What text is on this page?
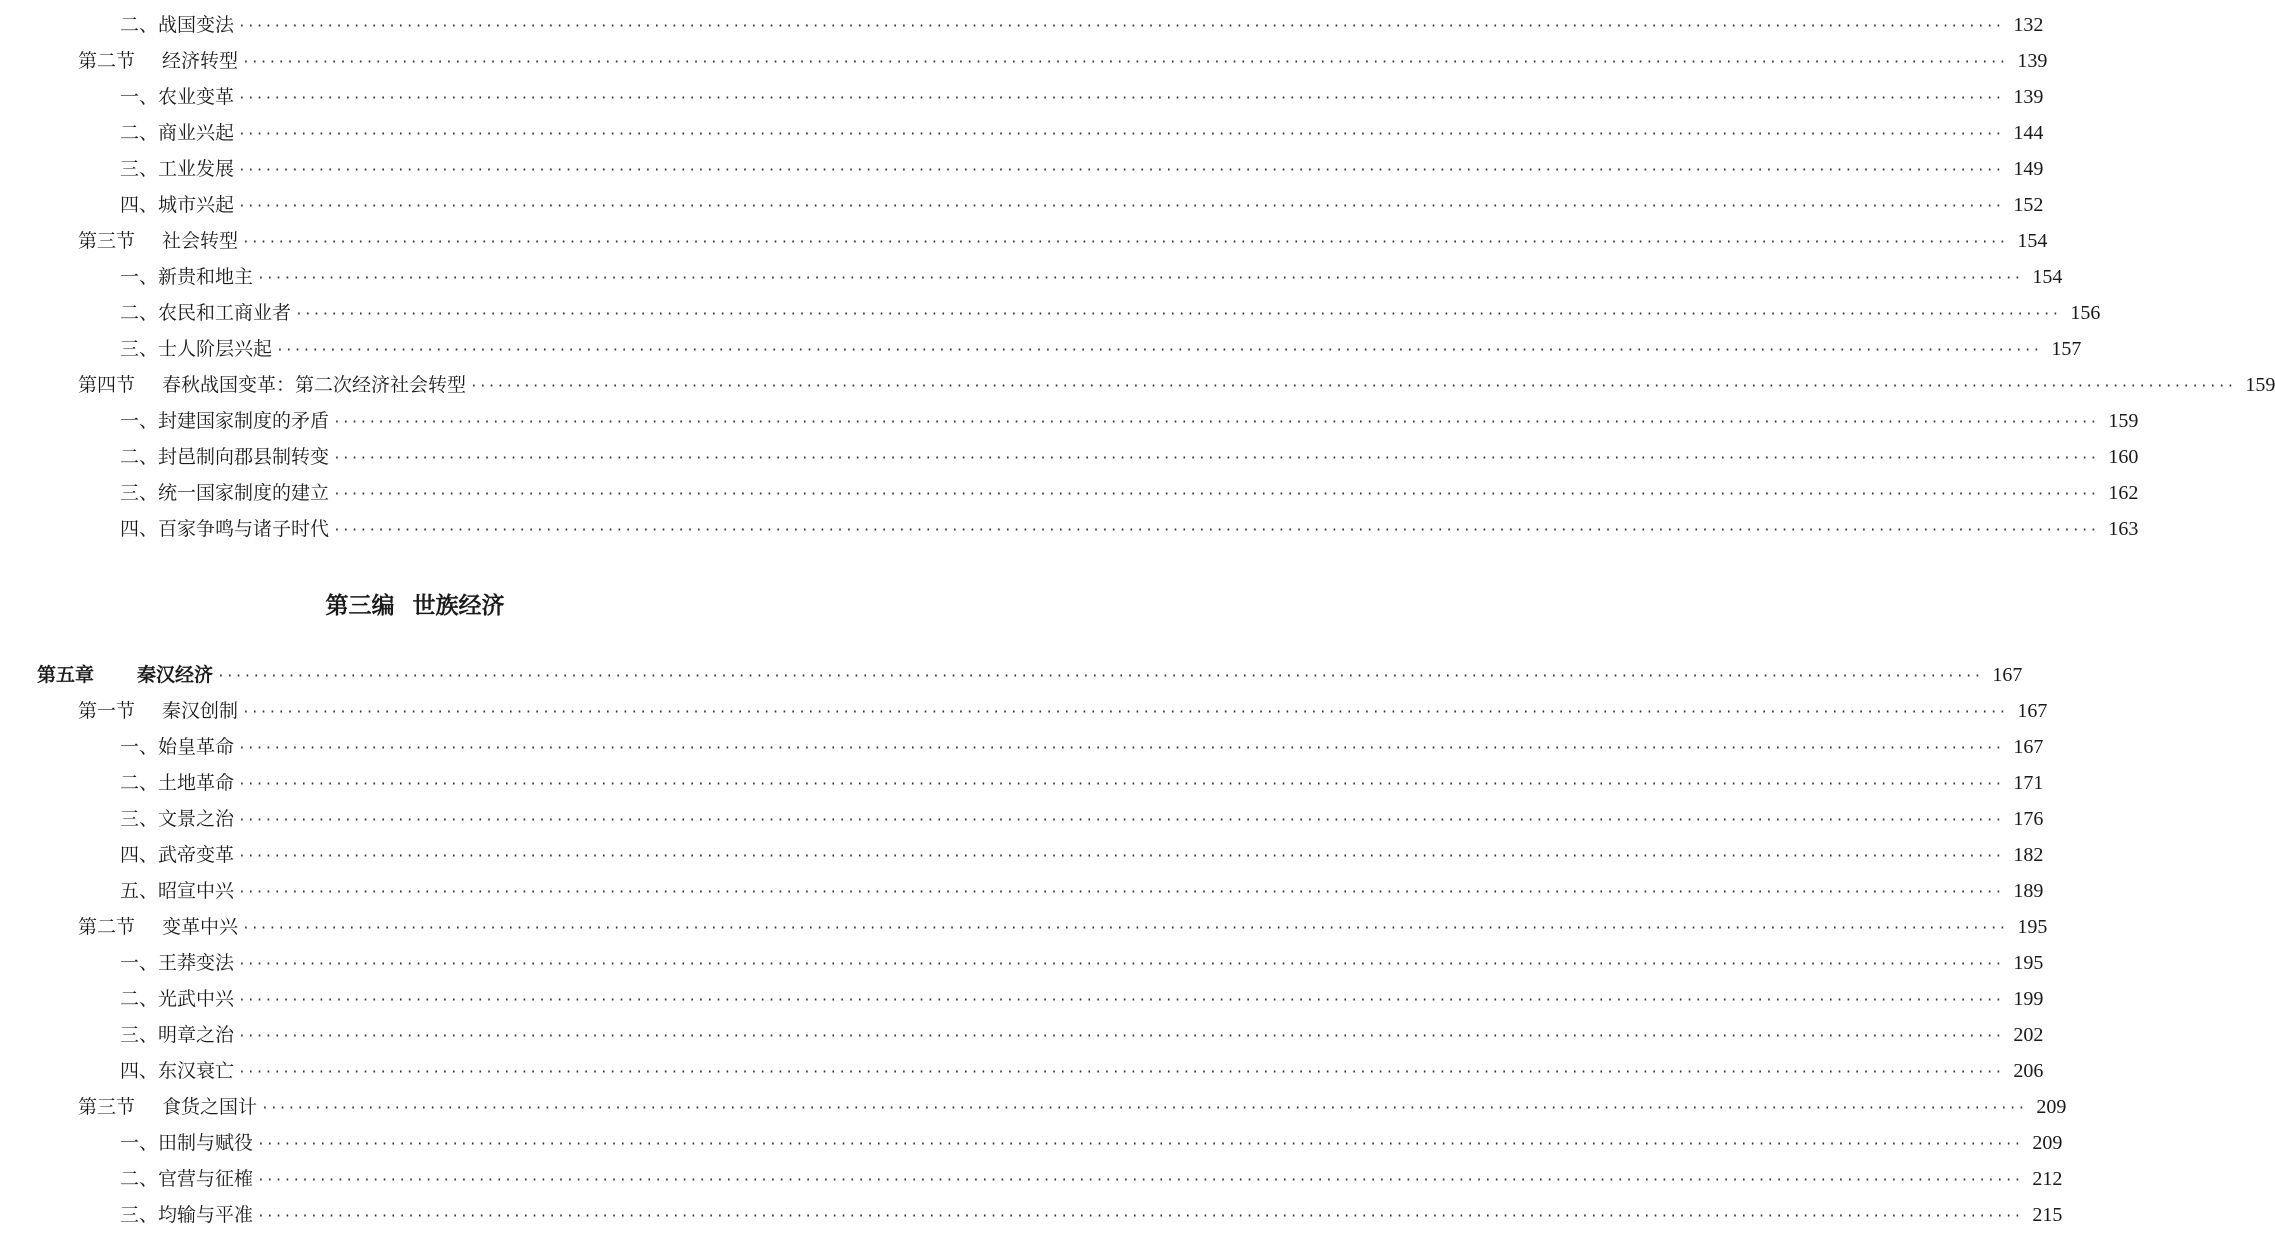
二、战国变法 ········································································································································································································ 132
第二节 经济转型 ········································································································································································································ 139
一、农业变革 ········································································································································································································ 139
二、商业兴起 ········································································································································································································ 144
三、工业发展 ········································································································································································································ 149
四、城市兴起 ········································································································································································································ 152
第三节 社会转型 ········································································································································································································ 154
一、新贵和地主 ········································································································································································································ 154
二、农民和工商业者 ········································································································································································································ 156
三、士人阶层兴起 ········································································································································································································ 157
第四节 春秋战国变革：第二次经济社会转型 ········································································································································································································ 159
一、封建国家制度的矛盾 ········································································································································································································ 159
二、封邑制向郡县制转变 ········································································································································································································ 160
三、统一国家制度的建立 ········································································································································································································ 162
四、百家争鸣与诸子时代 ········································································································································································································ 163
第三编 世族经济
第五章 秦汉经济 ········································································································································································································ 167
第一节 秦汉创制 ········································································································································································································ 167
一、始皇革命 ········································································································································································································ 167
二、土地革命 ········································································································································································································ 171
三、文景之治 ········································································································································································································ 176
四、武帝变革 ········································································································································································································ 182
五、昭宣中兴 ········································································································································································································ 189
第二节 变革中兴 ········································································································································································································ 195
一、王莽变法 ········································································································································································································ 195
二、光武中兴 ········································································································································································································ 199
三、明章之治 ········································································································································································································ 202
四、东汉衰亡 ········································································································································································································ 206
第三节 食货之国计 ········································································································································································································ 209
一、田制与赋役 ········································································································································································································ 209
二、官营与征榷 ········································································································································································································ 212
三、均输与平准 ········································································································································································································ 215
